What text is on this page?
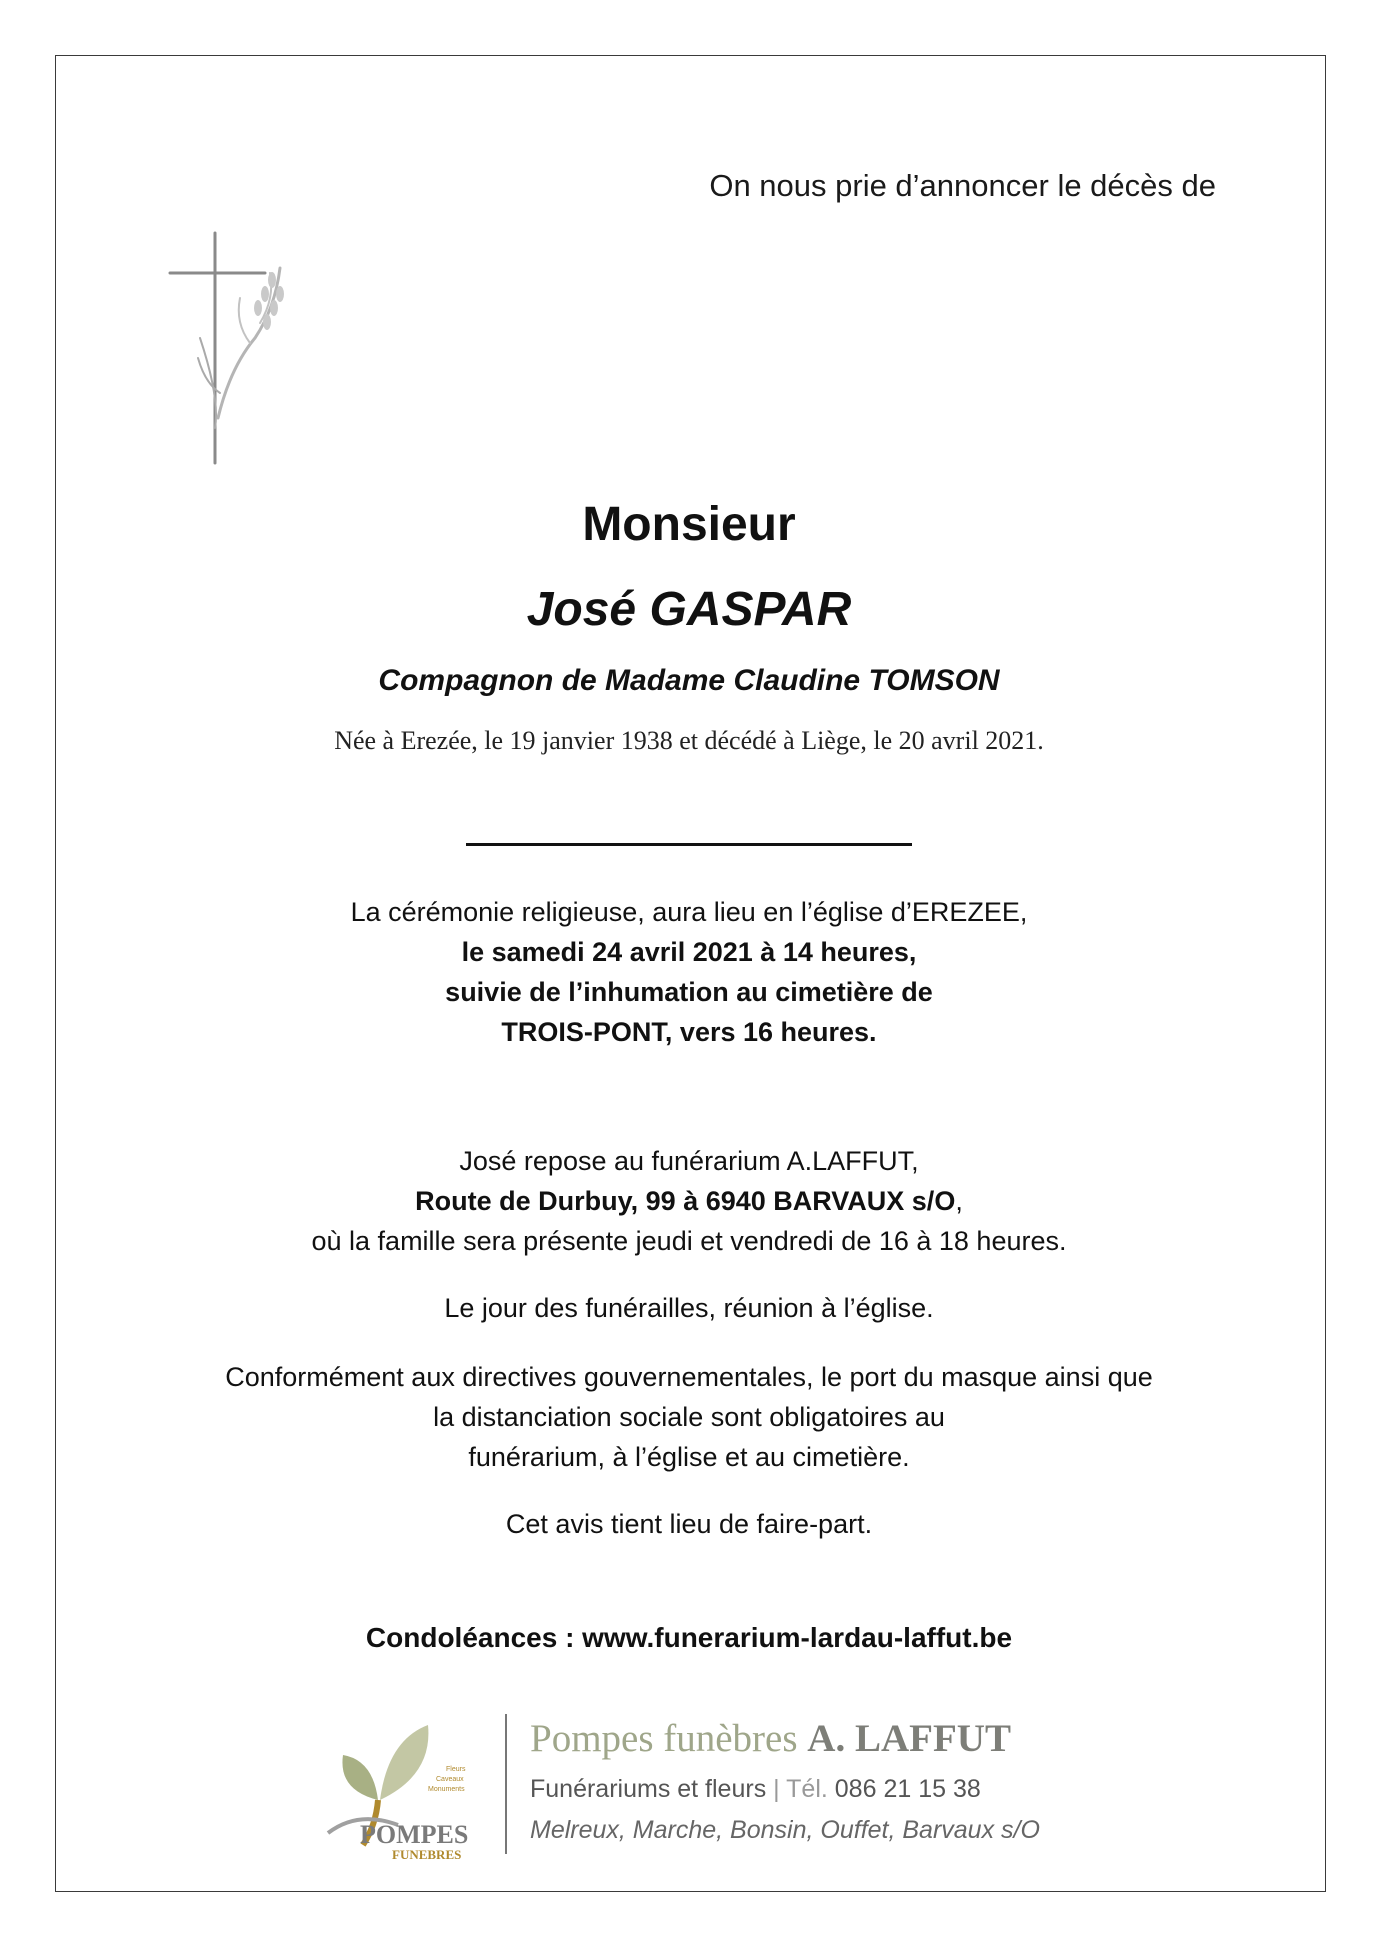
On nous prie d’annoncer le décès de
Monsieur
José GASPAR
Compagnon de Madame Claudine TOMSON
Née à Erezée, le 19 janvier 1938 et décédé à Liège, le 20 avril 2021.
La cérémonie religieuse, aura lieu en l’église d’EREZEE,
le samedi 24 avril 2021 à 14 heures,
suivie de l’inhumation au cimetière de
TROIS-PONT, vers 16 heures.
José repose au funérarium A.LAFFUT,
Route de Durbuy, 99 à 6940 BARVAUX s/O,
où la famille sera présente jeudi et vendredi de 16 à 18 heures.
Le jour des funérailles, réunion à l’église.
Conformément aux directives gouvernementales, le port du masque ainsi que
la distanciation sociale sont obligatoires au
funérarium, à l’église et au cimetière.
Cet avis tient lieu de faire-part.
Condoléances : www.funerarium-lardau-laffut.be
Fleurs
Caveaux
Monuments
POMPES
FUNEBRES
Pompes funèbres A. LAFFUT
Funérariums et fleurs | Tél. 086 21 15 38
Melreux, Marche, Bonsin, Ouffet, Barvaux s/O
